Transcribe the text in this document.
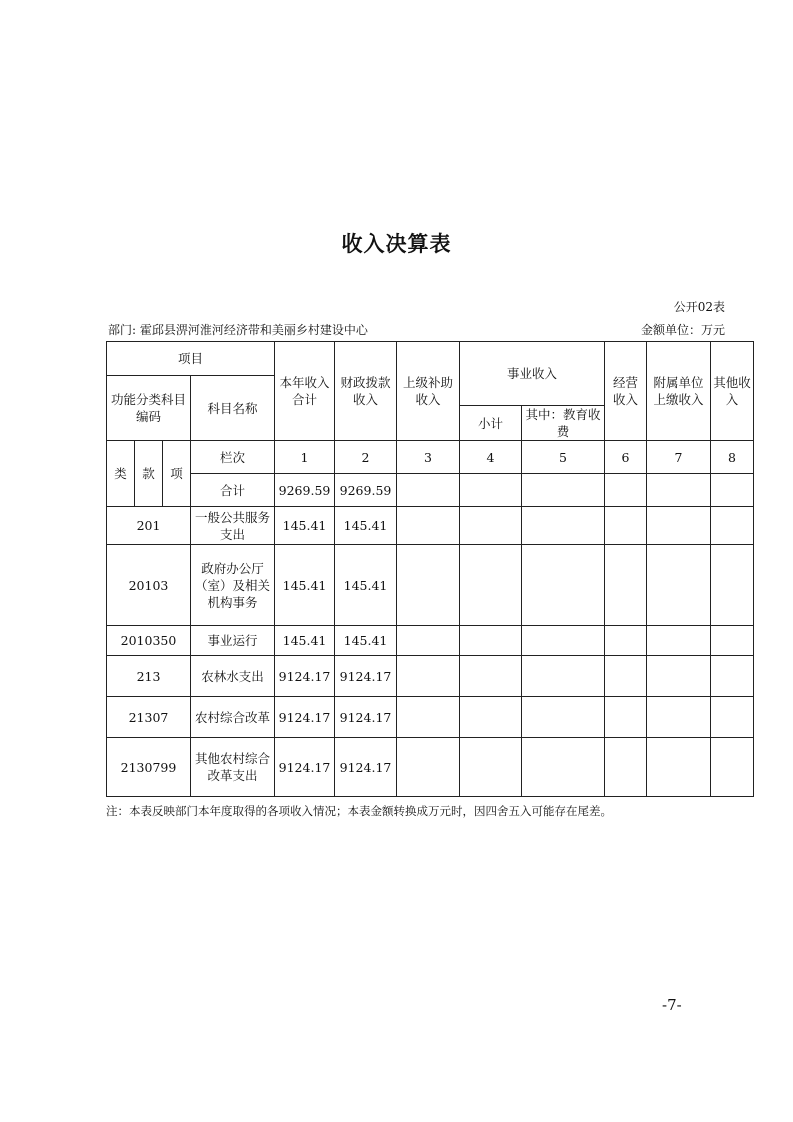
收入决算表
公开02表
部门: 霍邱县淠河淮河经济带和美丽乡村建设中心	金额单位：万元
项目				本年收入合计	财政拨款收入	上级补助收入	事业收入		经营收入	附属单位上缴收入	其他收入
功能分类科目编码			科目名称								
							小计	其中：教育收费			
类	款	项	栏次	1	2	3	4	5	6	7	8
			合计	9269.59	9269.59						
201			一般公共服务支出	145.41	145.41						
20103			政府办公厅（室）及相关机构事务	145.41	145.41						
2010350			事业运行	145.41	145.41						
213			农林水支出	9124.17	9124.17						
21307			农村综合改革	9124.17	9124.17						
2130799			其他农村综合改革支出	9124.17	9124.17						
注：本表反映部门本年度取得的各项收入情况；本表金额转换成万元时，因四舍五入可能存在尾差。
-7-
